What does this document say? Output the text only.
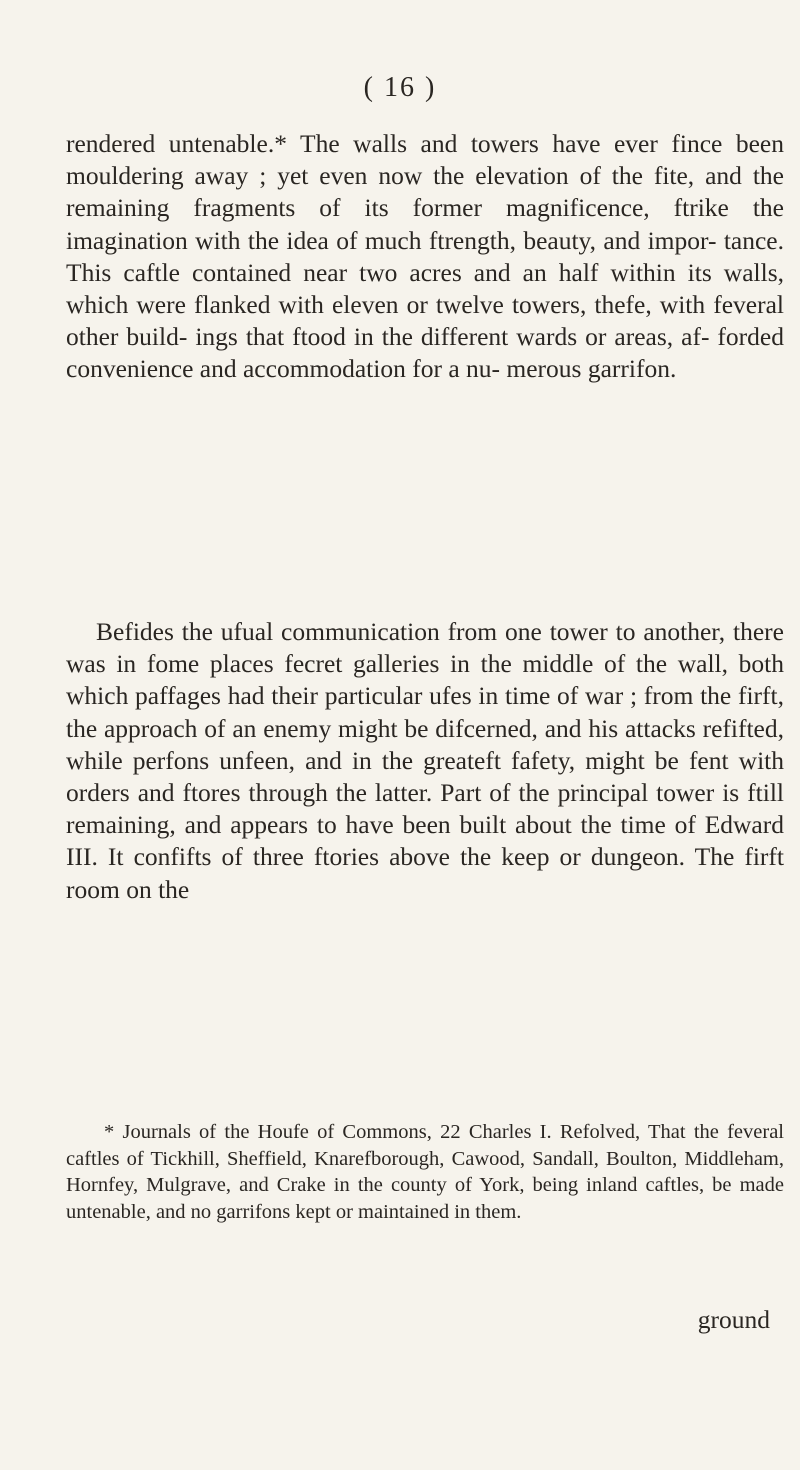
( 16 )

rendered untenable.* The walls and towers have ever fince been mouldering away ; yet even now the elevation of the fite, and the remaining fragments of its former magnificence, ftrike the imagination with the idea of much ftrength, beauty, and impor- tance. This caftle contained near two acres and an half within its walls, which were flanked with eleven or twelve towers, thefe, with feveral other build- ings that ftood in the different wards or areas, af- forded convenience and accommodation for a nu- merous garrifon.

Befides the ufual communication from one tower to another, there was in fome places fecret galleries in the middle of the wall, both which paffages had their particular ufes in time of war ; from the firft, the approach of an enemy might be difcerned, and his attacks refifted, while perfons unfeen, and in the greateft fafety, might be fent with orders and ftores through the latter. Part of the principal tower is ftill remaining, and appears to have been built about the time of Edward III. It confifts of three ftories above the keep or dungeon. The firft room on the

* Journals of the Houfe of Commons, 22 Charles I. Refolved, That the feveral caftles of Tickhill, Sheffield, Knarefborough, Cawood, Sandall, Boulton, Middleham, Hornfey, Mulgrave, and Crake in the county of York, being inland caftles, be made untenable, and no garrifons kept or maintained in them.

ground
